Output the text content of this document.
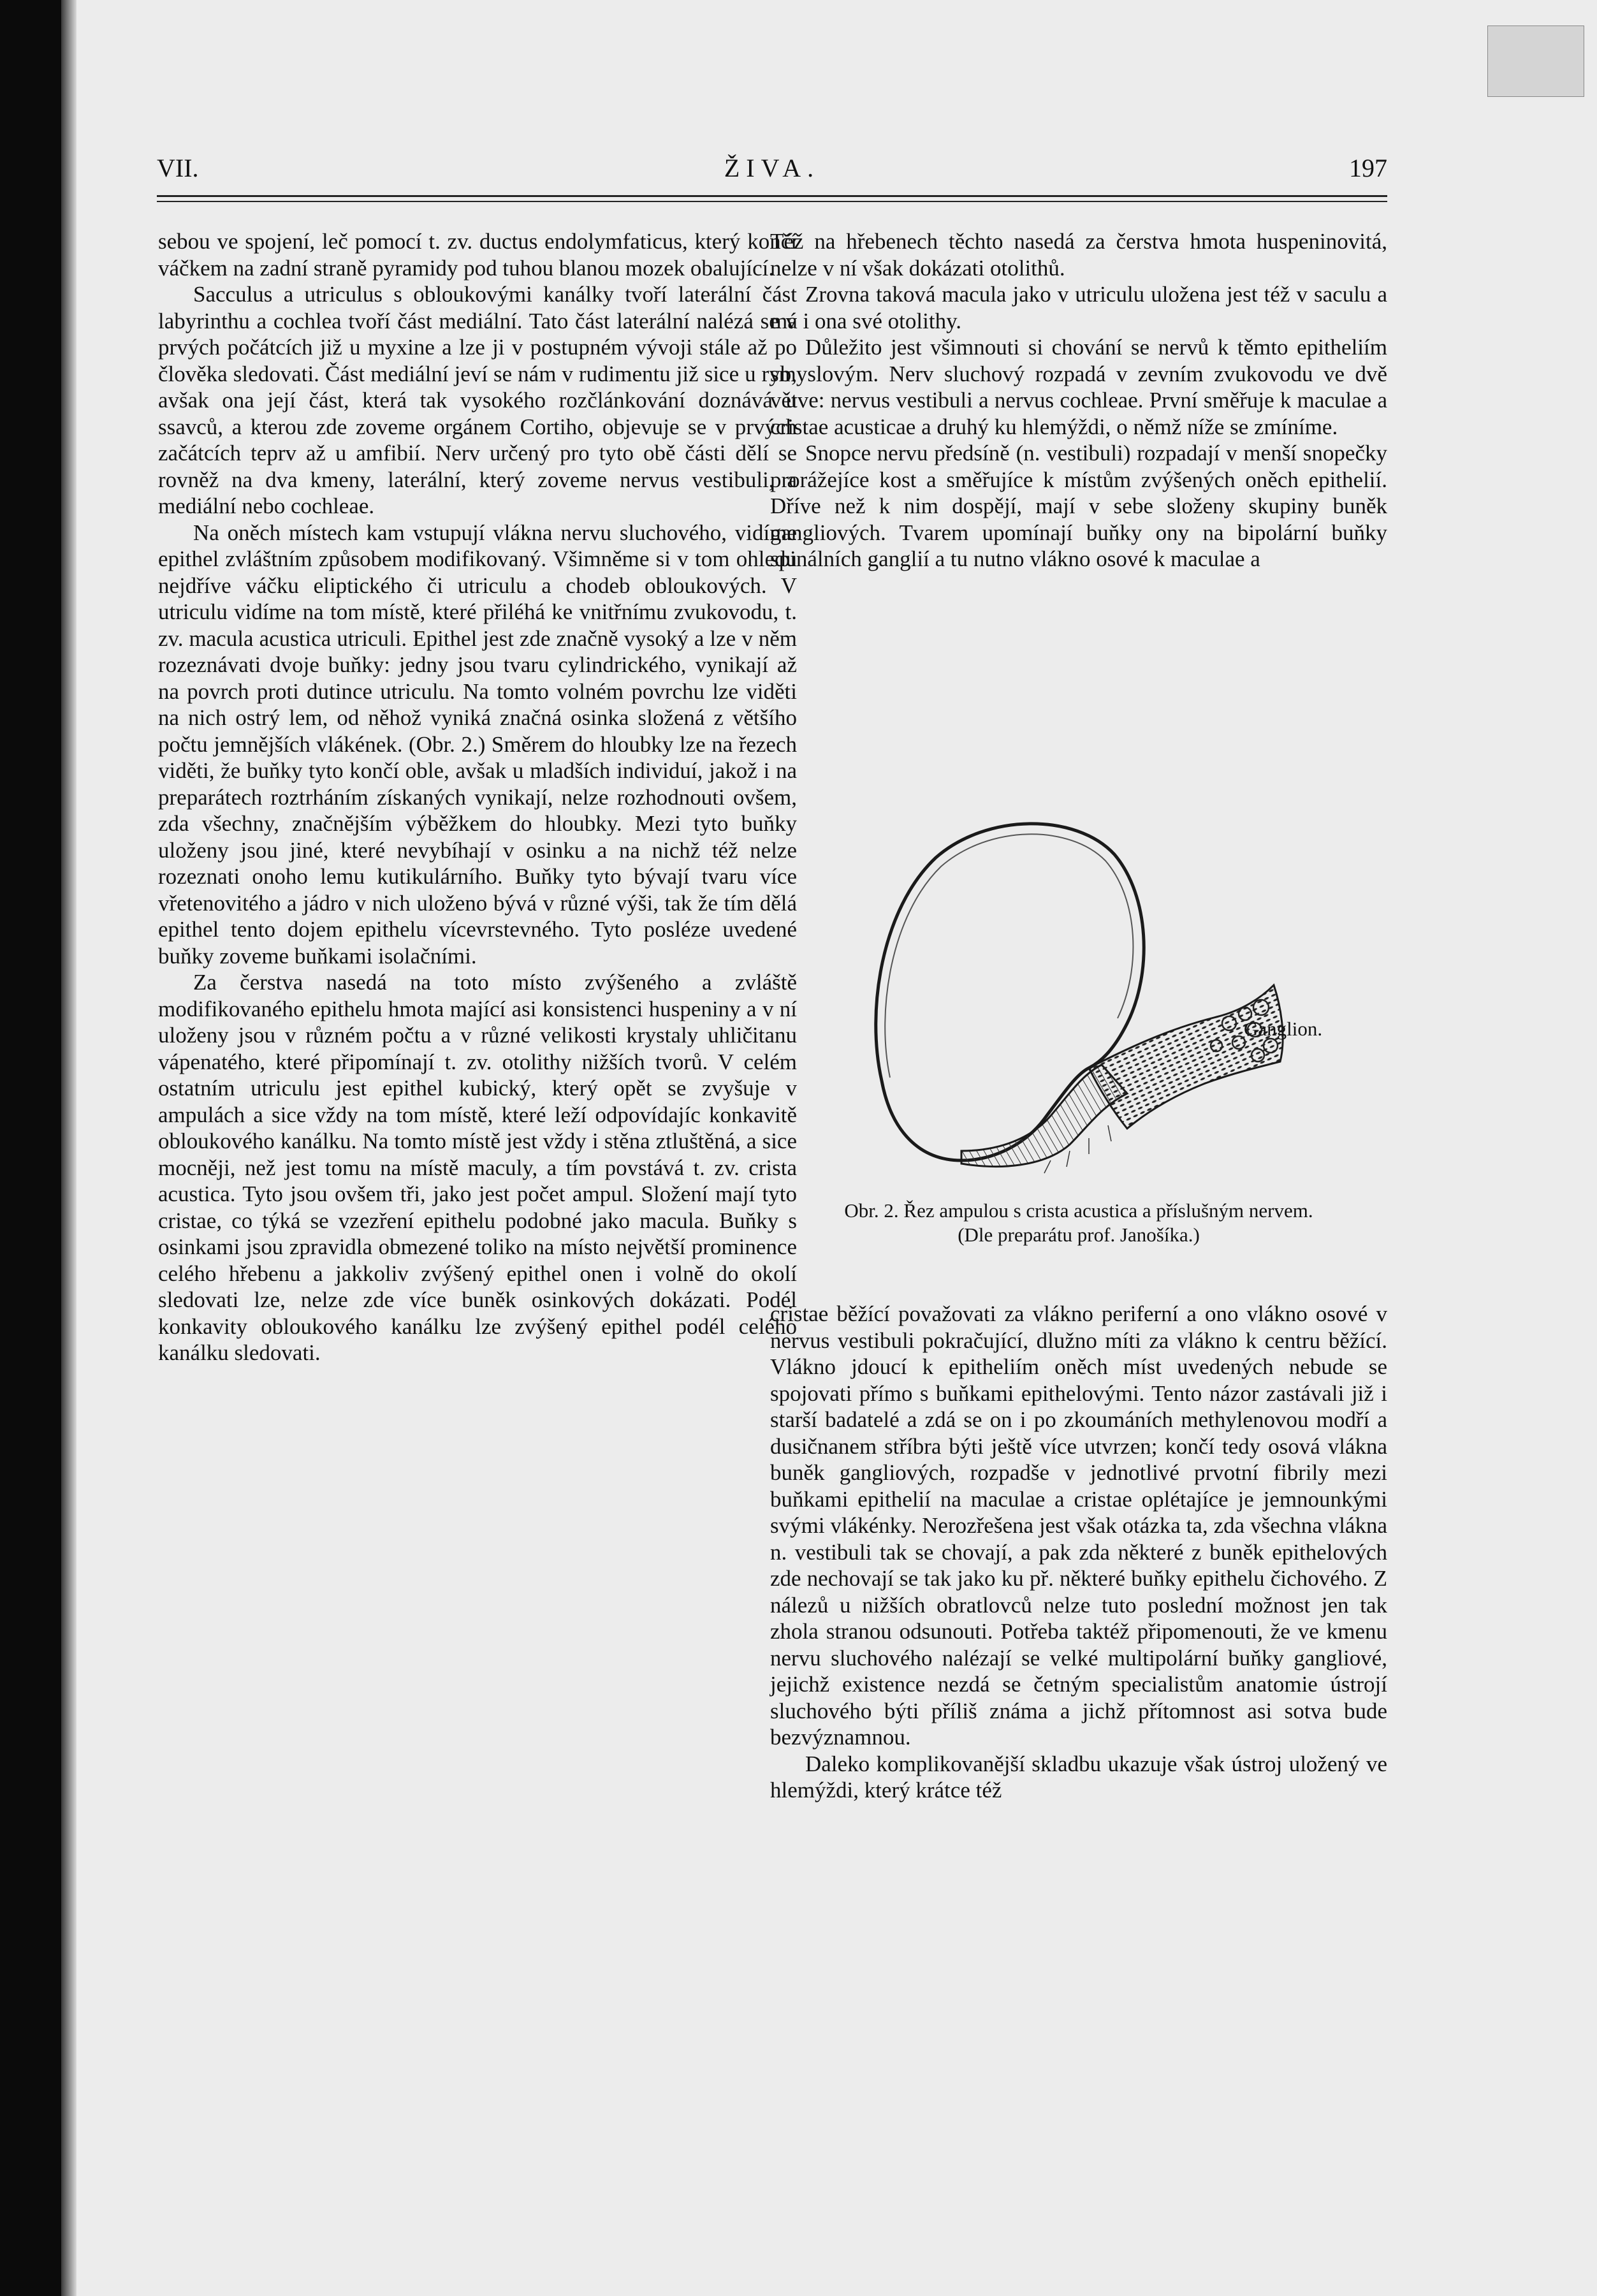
VII.	ŽIVA.	197

sebou ve spojení, leč pomocí t. zv. ductus endolymfaticus, který končí váčkem na zadní straně pyramidy pod tuhou blanou mozek obalující.

Sacculus a utriculus s obloukovými kanálky tvoří laterální část labyrinthu a cochlea tvoří část mediální. Tato část laterální nalézá se v prvých počátcích již u myxine a lze ji v postupném vývoji stále až po člověka sledovati. Část mediální jeví se nám v rudimentu již sice u ryb, avšak ona její část, která tak vysokého rozčlánkování doznává u ssavců, a kterou zde zoveme orgánem Cortiho, objevuje se v prvých začátcích teprv až u amfibií. Nerv určený pro tyto obě části dělí se rovněž na dva kmeny, laterální, který zoveme nervus vestibuli, a mediální nebo cochleae.

Na oněch místech kam vstupují vlákna nervu sluchového, vidíme epithel zvláštním způsobem modifikovaný. Všimněme si v tom ohledu nejdříve váčku eliptického či utriculu a chodeb obloukových. V utriculu vidíme na tom místě, které přiléhá ke vnitřnímu zvukovodu, t. zv. macula acustica utriculi. Epithel jest zde značně vysoký a lze v něm rozeznávati dvoje buňky: jedny jsou tvaru cylindrického, vynikají až na povrch proti dutince utriculu. Na tomto volném povrchu lze viděti na nich ostrý lem, od něhož vyniká značná osinka složená z většího počtu jemnějších vlákének. (Obr. 2.) Směrem do hloubky lze na řezech viděti, že buňky tyto končí oble, avšak u mladších individuí, jakož i na preparátech roztrháním získaných vynikají, nelze rozhodnouti ovšem, zda všechny, značnějším výběžkem do hloubky. Mezi tyto buňky uloženy jsou jiné, které nevybíhají v osinku a na nichž též nelze rozeznati onoho lemu kutikulárního. Buňky tyto bývají tvaru více vřetenovitého a jádro v nich uloženo bývá v různé výši, tak že tím dělá epithel tento dojem epithelu vícevrstevného. Tyto posléze uvedené buňky zoveme buňkami isolačními.

Za čerstva nasedá na toto místo zvýšeného a zvláště modifikovaného epithelu hmota mající asi konsistenci huspeniny a v ní uloženy jsou v různém počtu a v různé velikosti krystaly uhličitanu vápenatého, které připomínají t. zv. otolithy nižších tvorů. V celém ostatním utriculu jest epithel kubický, který opět se zvyšuje v ampulách a sice vždy na tom místě, které leží odpovídajíc konkavitě obloukového kanálku. Na tomto místě jest vždy i stěna ztluštěná, a sice mocněji, než jest tomu na místě maculy, a tím povstává t. zv. crista acustica. Tyto jsou ovšem tři, jako jest počet ampul. Složení mají tyto cristae, co týká se vzezření epithelu podobné jako macula. Buňky s osinkami jsou zpravidla obmezené toliko na místo největší prominence celého hřebenu a jakkoliv zvýšený epithel onen i volně do okolí sledovati lze, nelze zde více buněk osinkových dokázati. Podél konkavity obloukového kanálku lze zvýšený epithel podél celého kanálku sledovati.

Též na hřebenech těchto nasedá za čerstva hmota huspeninovitá, nelze v ní však dokázati otolithů.

Zrovna taková macula jako v utriculu uložena jest též v saculu a má i ona své otolithy.

Důležito jest všimnouti si chování se nervů k těmto epitheliím smyslovým. Nerv sluchový rozpadá v zevním zvukovodu ve dvě větve: nervus vestibuli a nervus cochleae. První směřuje k maculae a cristae acusticae a druhý ku hlemýždi, o němž níže se zmíníme.

Snopce nervu předsíně (n. vestibuli) rozpadají v menší snopečky prorážejíce kost a směřujíce k místům zvýšených oněch epithelií. Dříve než k nim dospějí, mají v sebe složeny skupiny buněk gangliových. Tvarem upomínají buňky ony na bipolární buňky spinálních ganglií a tu nutno vlákno osové k maculae a

Ganglion.
Obr. 2. Řez ampulou s crista acustica a příslušným nervem.
(Dle preparátu prof. Janošíka.)

cristae běžící považovati za vlákno periferní a ono vlákno osové v nervus vestibuli pokračující, dlužno míti za vlákno k centru běžící. Vlákno jdoucí k epitheliím oněch míst uvedených nebude se spojovati přímo s buňkami epithelovými. Tento názor zastávali již i starší badatelé a zdá se on i po zkoumáních methylenovou modří a dusičnanem stříbra býti ještě více utvrzen; končí tedy osová vlákna buněk gangliových, rozpadše v jednotlivé prvotní fibrily mezi buňkami epithelií na maculae a cristae oplétajíce je jemnounkými svými vlákénky. Nerozřešena jest však otázka ta, zda všechna vlákna n. vestibuli tak se chovají, a pak zda některé z buněk epithelových zde nechovají se tak jako ku př. některé buňky epithelu čichového. Z nálezů u nižších obratlovců nelze tuto poslední možnost jen tak zhola stranou odsunouti. Potřeba taktéž připomenouti, že ve kmenu nervu sluchového nalézají se velké multipolární buňky gangliové, jejichž existence nezdá se četným specialistům anatomie ústrojí sluchového býti příliš známa a jichž přítomnost asi sotva bude bezvýznamnou.

Daleko komplikovanější skladbu ukazuje však ústroj uložený ve hlemýždi, který krátce též
